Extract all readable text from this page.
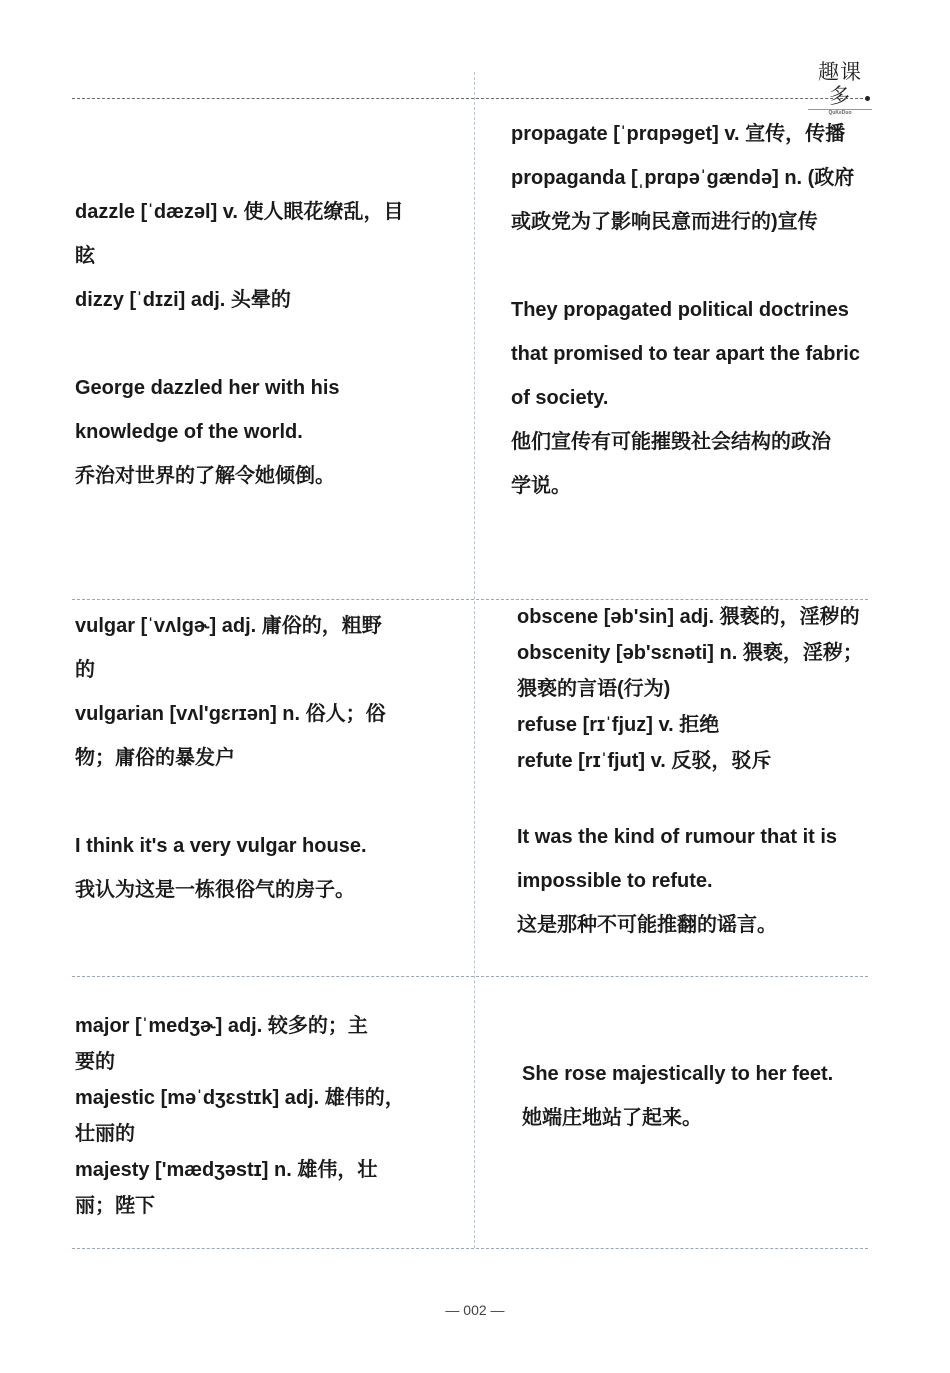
趣课多
QuKeDuo
dazzle [ˈdæzəl] v. 使人眼花缭乱，目
眩
dizzy [ˈdɪzi] adj. 头晕的
George dazzled her with his
knowledge of the world.
乔治对世界的了解令她倾倒。
propagate [ˈprɑpəget] v. 宣传，传播
propaganda [ˌprɑpəˈgændə] n. (政府
或政党为了影响民意而进行的)宣传
They propagated political doctrines
that promised to tear apart the fabric
of society.
他们宣传有可能摧毁社会结构的政治
学说。
vulgar [ˈvʌlgɚ] adj. 庸俗的，粗野
的
vulgarian [vʌl'gɛrɪən] n. 俗人；俗
物；庸俗的暴发户
I think it's a very vulgar house.
我认为这是一栋很俗气的房子。
obscene [əb'sin] adj. 猥亵的，淫秽的
obscenity [əb'sɛnəti] n. 猥亵，淫秽；
猥亵的言语(行为)
refuse [rɪˈfjuz] v. 拒绝
refute [rɪˈfjut] v. 反驳，驳斥
It was the kind of rumour that it is
impossible to refute.
这是那种不可能推翻的谣言。
major [ˈmedʒɚ] adj. 较多的；主
要的
majestic [məˈdʒɛstɪk] adj. 雄伟的，
壮丽的
majesty ['mædʒəstɪ] n. 雄伟，壮
丽；陛下
She rose majestically to her feet.
她端庄地站了起来。
— 002 —
